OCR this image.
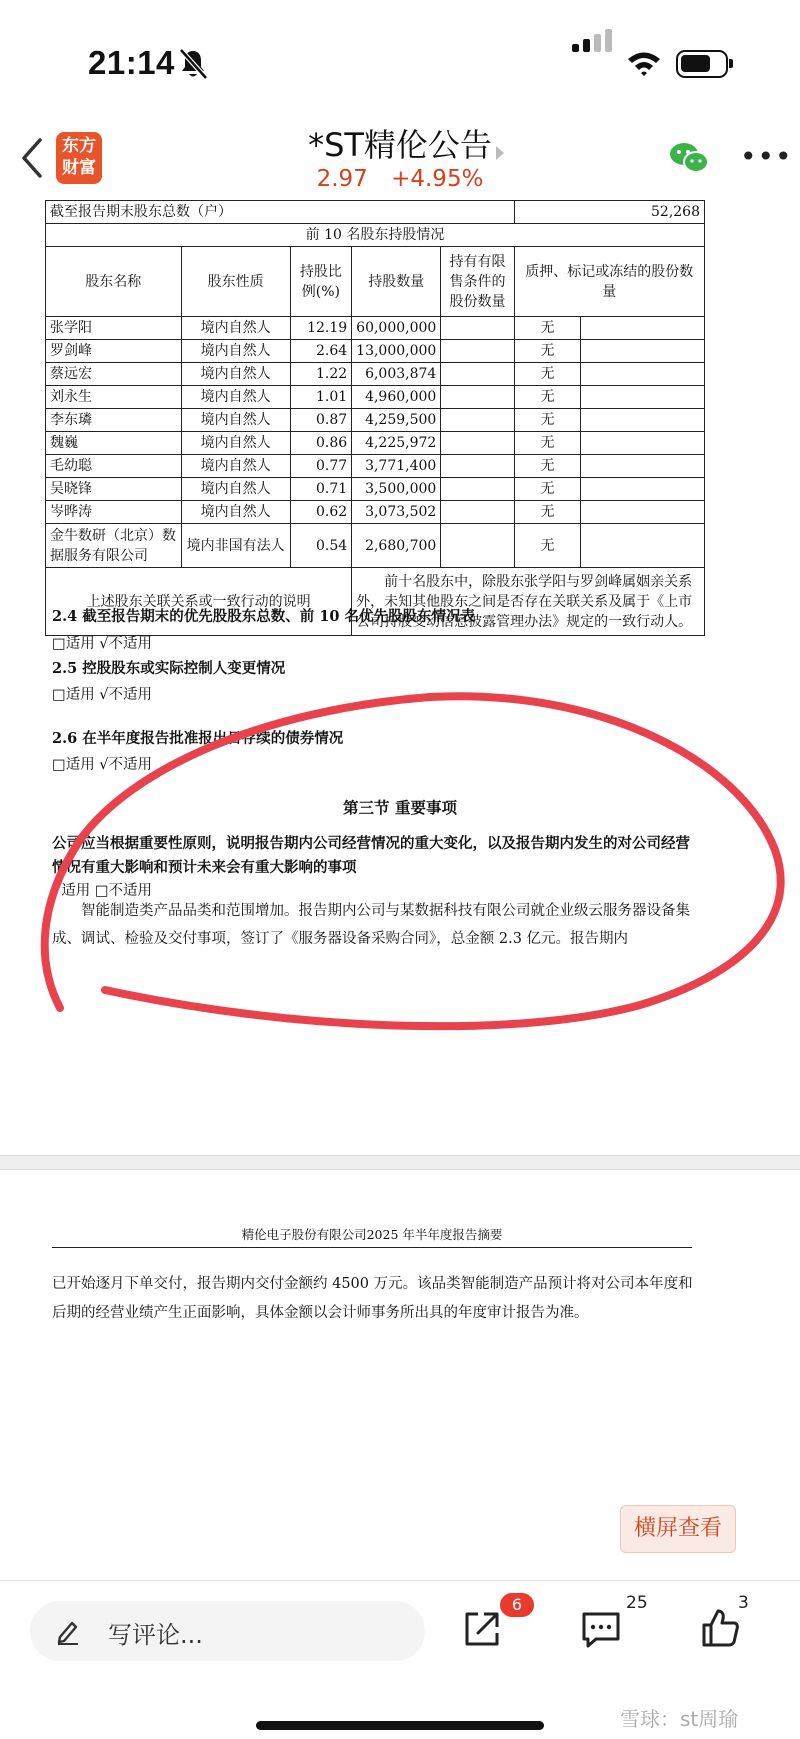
21:14
东方
财富
*ST精伦公告
2.97 +4.95%
•••
截至报告期末股东总数（户）					52,268	
前 10 名股东持股情况						
股东名称	股东性质	持股比例(%)	持股数量	持有有限售条件的股份数量	质押、标记或冻结的股份数量	
张学阳	境内自然人	12.19	60,000,000		无	
罗剑峰	境内自然人	2.64	13,000,000		无	
蔡远宏	境内自然人	1.22	6,003,874		无	
刘永生	境内自然人	1.01	4,960,000		无	
李东璘	境内自然人	0.87	4,259,500		无	
魏巍	境内自然人	0.86	4,225,972		无	
毛幼聪	境内自然人	0.77	3,771,400		无	
吴晓锋	境内自然人	0.71	3,500,000		无	
岑晔涛	境内自然人	0.62	3,073,502		无	
金牛数研（北京）数据服务有限公司	境内非国有法人	0.54	2,680,700		无	
上述股东关联关系或一致行动的说明			前十名股东中，除股东张学阳与罗剑峰属姻亲关系外，未知其他股东之间是否存在关联关系及属于《上市公司持股变动信息披露管理办法》规定的一致行动人。			
2.4 截至报告期末的优先股股东总数、前 10 名优先股股东情况表
□适用 √不适用
2.5 控股股东或实际控制人变更情况
□适用 √不适用
2.6 在半年度报告批准报出日存续的债券情况
□适用 √不适用
第三节 重要事项
公司应当根据重要性原则，说明报告期内公司经营情况的重大变化，以及报告期内发生的对公司经营情况有重大影响和预计未来会有重大影响的事项
√适用 □不适用
智能制造类产品品类和范围增加。报告期内公司与某数据科技有限公司就企业级云服务器设备集成、调试、检验及交付事项，签订了《服务器设备采购合同》，总金额 2.3 亿元。报告期内
精伦电子股份有限公司2025 年半年度报告摘要
已开始逐月下单交付，报告期内交付金额约 4500 万元。该品类智能制造产品预计将对公司本年度和后期的经营业绩产生正面影响，具体金额以会计师事务所出具的年度审计报告为准。
横屏查看
写评论...
6	25	3
雪球：st周瑜
